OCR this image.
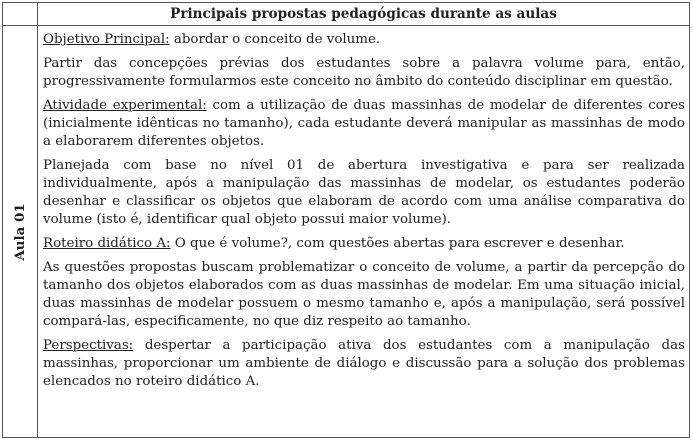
Principais propostas pedagógicas durante as aulas
Aula 01

Objetivo Principal: abordar o conceito de volume.

Partir das concepções prévias dos estudantes sobre a palavra volume para, então, progressivamente formularmos este conceito no âmbito do conteúdo disciplinar em questão.

Atividade experimental: com a utilização de duas massinhas de modelar de diferentes cores (inicialmente idênticas no tamanho), cada estudante deverá manipular as massinhas de modo a elaborarem diferentes objetos.

Planejada com base no nível 01 de abertura investigativa e para ser realizada individualmente, após a manipulação das massinhas de modelar, os estudantes poderão desenhar e classificar os objetos que elaboram de acordo com uma análise comparativa do volume (isto é, identificar qual objeto possui maior volume).

Roteiro didático A: O que é volume?, com questões abertas para escrever e desenhar.

As questões propostas buscam problematizar o conceito de volume, a partir da percepção do tamanho dos objetos elaborados com as duas massinhas de modelar. Em uma situação inicial, duas massinhas de modelar possuem o mesmo tamanho e, após a manipulação, será possível compará-las, especificamente, no que diz respeito ao tamanho.

Perspectivas: despertar a participação ativa dos estudantes com a manipulação das massinhas, proporcionar um ambiente de diálogo e discussão para a solução dos problemas elencados no roteiro didático A.
